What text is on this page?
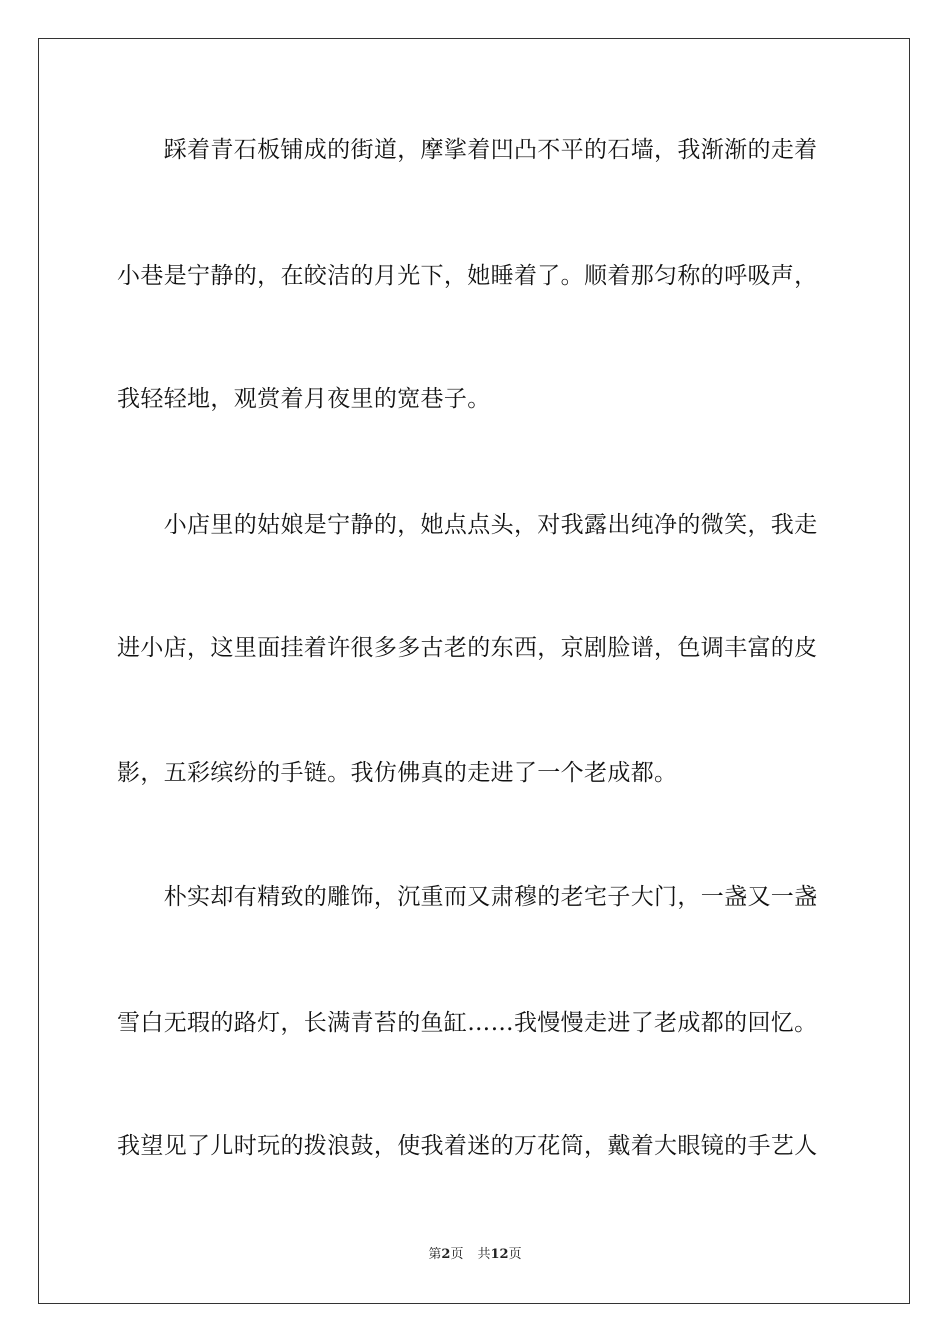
　　踩着青石板铺成的街道，摩挲着凹凸不平的石墙，我渐渐的走着
小巷是宁静的，在皎洁的月光下，她睡着了。顺着那匀称的呼吸声，
我轻轻地，观赏着月夜里的宽巷子。
　　小店里的姑娘是宁静的，她点点头，对我露出纯净的微笑，我走
进小店，这里面挂着许很多多古老的东西，京剧脸谱，色调丰富的皮
影，五彩缤纷的手链。我仿佛真的走进了一个老成都。
　　朴实却有精致的雕饰，沉重而又肃穆的老宅子大门，一盏又一盏
雪白无瑕的路灯，长满青苔的鱼缸……我慢慢走进了老成都的回忆。
我望见了儿时玩的拨浪鼓，使我着迷的万花筒，戴着大眼镜的手艺人
第2页 共12页
